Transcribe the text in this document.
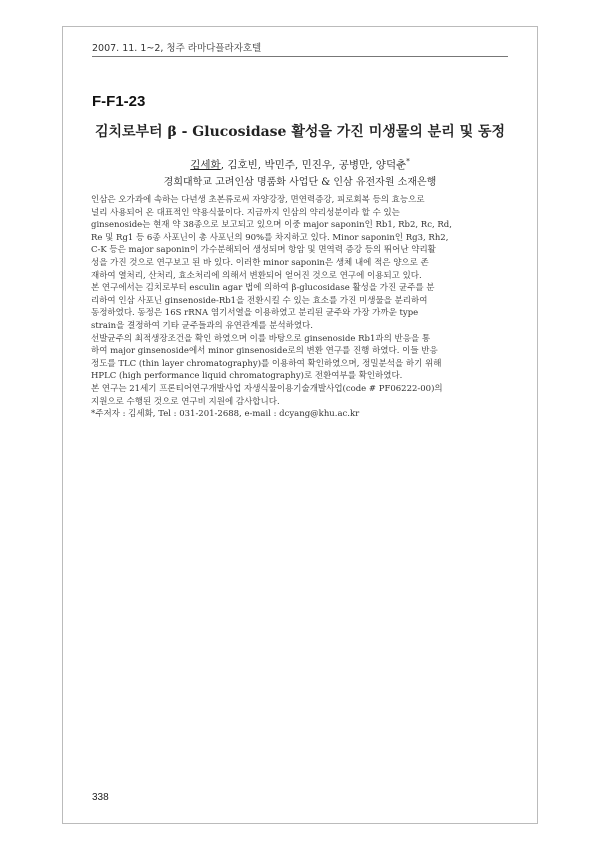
2007. 11. 1~2, 청주 라마다플라자호텔
F-F1-23
김치로부터 β - Glucosidase 활성을 가진 미생물의 분리 및 동정
김세화, 김호빈, 박민주, 민진우, 공병만, 양덕춘*
경희대학교 고려인삼 명품화 사업단 & 인삼 유전자원 소재은행
인삼은 오가과에 속하는 다년생 초본류로써 자양강장, 면연력증강, 피로회복 등의 효능으로
널리 사용되어 온 대표적인 약용식물이다. 지금까지 인삼의 약리성분이라 할 수 있는
ginsenoside는 현재 약 38종으로 보고되고 있으며 이중 major saponin인 Rb1, Rb2, Rc, Rd,
Re 및 Rg1 등 6종 사포닌이 총 사포닌의 90%를 차지하고 있다. Minor saponin인 Rg3, Rh2,
C-K 등은 major saponin이 가수분해되어 생성되며 항암 및 면역력 증강 등의 뛰어난 약리활
성을 가진 것으로 연구보고 된 바 있다. 이러한 minor saponin은 생체 내에 적은 양으로 존
재하여 열처리, 산처리, 효소처리에 의해서 변환되어 얻어진 것으로 연구에 이용되고 있다.
본 연구에서는 김치로부터 esculin agar 법에 의하여 β-glucosidase 활성을 가진 균주를 분
리하여 인삼 사포닌 ginsenoside-Rb1을 전환시킬 수 있는 효소를 가진 미생물을 분리하여
동정하였다. 동정은 16S rRNA 염기서열을 이용하였고 분리된 균주와 가장 가까운 type
strain을 결정하여 기타 균주들과의 유연관계를 분석하였다.
선발균주의 최적생장조건을 확인 하였으며 이를 바탕으로 ginsenoside Rb1과의 반응을 통
하여 major ginsenoside에서 minor ginsenoside로의 변환 연구를 진행 하였다. 이들 반응
정도를 TLC (thin layer chromatography)를 이용하여 확인하였으며, 정밀분석을 하기 위해
HPLC (high performance liquid chromatography)로 전환여부를 확인하였다.
본 연구는 21세기 프론티어연구개발사업 자생식물이용기술개발사업(code # PF06222-00)의
지원으로 수행된 것으로 연구비 지원에 감사합니다.
*주저자 : 김세화, Tel : 031-201-2688, e-mail : dcyang@khu.ac.kr
338
